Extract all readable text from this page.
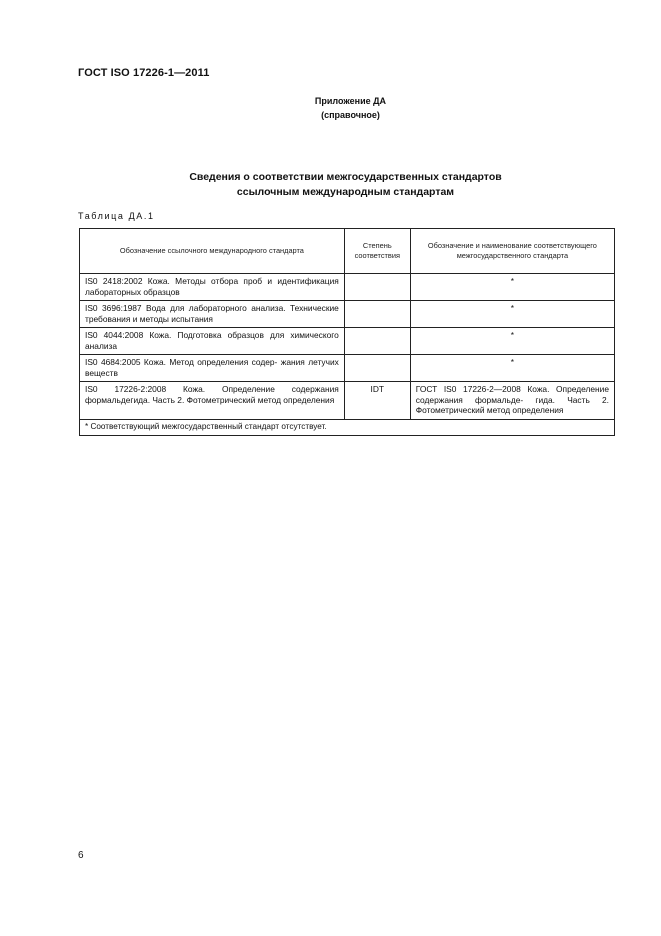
ГОСТ ISO 17226-1—2011
Приложение ДА
(справочное)
Сведения о соответствии межгосударственных стандартов
ссылочным международным стандартам
Таблица ДА.1
Обозначение ссылочного международного стандарта	Степень соответствия	Обозначение и наименование соответствующего межгосударственного стандарта
IS0 2418:2002 Кожа. Методы отбора проб и идентификация лабораторных образцов		*
IS0 3696:1987 Вода для лабораторного анализа. Технические требования и методы испытания		*
IS0 4044:2008 Кожа. Подготовка образцов для химического анализа		*
IS0 4684:2005 Кожа. Метод определения содер- жания летучих веществ		*
IS0 17226-2:2008 Кожа. Определение содержания формальдегида. Часть 2. Фотометрический метод определения	IDT	ГОСТ IS0 17226-2—2008 Кожа. Определение содержания формальде- гида. Часть 2. Фотометрический метод определения
* Соответствующий межгосударственный стандарт отсутствует.		
6
